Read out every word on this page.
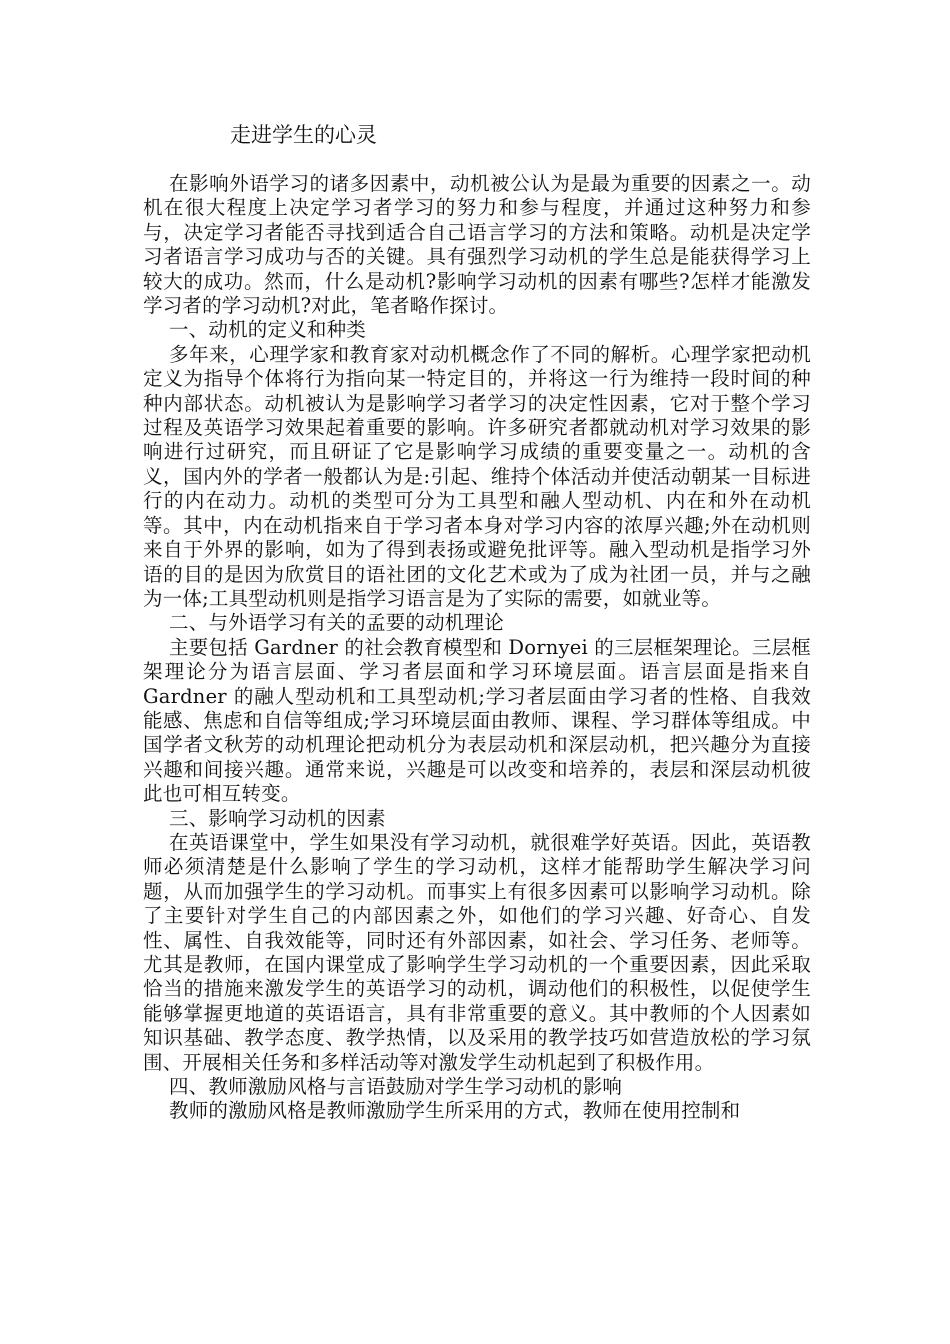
走进学生的心灵

在影响外语学习的诸多因素中，动机被公认为是最为重要的因素之一。动机在很大程度上决定学习者学习的努力和参与程度，并通过这种努力和参与，决定学习者能否寻找到适合自己语言学习的方法和策略。动机是决定学习者语言学习成功与否的关键。具有强烈学习动机的学生总是能获得学习上较大的成功。然而，什么是动机?影响学习动机的因素有哪些?怎样才能激发学习者的学习动机?对此，笔者略作探讨。

一、动机的定义和种类

多年来，心理学家和教育家对动机概念作了不同的解析。心理学家把动机定义为指导个体将行为指向某一特定目的，并将这一行为维持一段时间的种种内部状态。动机被认为是影响学习者学习的决定性因素，它对于整个学习过程及英语学习效果起着重要的影响。许多研究者都就动机对学习效果的影响进行过研究，而且研证了它是影响学习成绩的重要变量之一。动机的含义，国内外的学者一般都认为是:引起、维持个体活动并使活动朝某一目标进行的内在动力。动机的类型可分为工具型和融人型动机、内在和外在动机等。其中，内在动机指来自于学习者本身对学习内容的浓厚兴趣;外在动机则来自于外界的影响，如为了得到表扬或避免批评等。融入型动机是指学习外语的目的是因为欣赏目的语社团的文化艺术或为了成为社团一员，并与之融为一体;工具型动机则是指学习语言是为了实际的需要，如就业等。

二、与外语学习有关的孟要的动机理论

主要包括 Gardner 的社会教育模型和 Dornyei 的三层框架理论。三层框架理论分为语言层面、学习者层面和学习环境层面。语言层面是指来自 Gardner 的融人型动机和工具型动机;学习者层面由学习者的性格、自我效能感、焦虑和自信等组成;学习环境层面由教师、课程、学习群体等组成。中国学者文秋芳的动机理论把动机分为表层动机和深层动机，把兴趣分为直接兴趣和间接兴趣。通常来说，兴趣是可以改变和培养的，表层和深层动机彼此也可相互转变。

三、影响学习动机的因素

在英语课堂中，学生如果没有学习动机，就很难学好英语。因此，英语教师必须清楚是什么影响了学生的学习动机，这样才能帮助学生解决学习问题，从而加强学生的学习动机。而事实上有很多因素可以影响学习动机。除了主要针对学生自己的内部因素之外，如他们的学习兴趣、好奇心、自发性、属性、自我效能等，同时还有外部因素，如社会、学习任务、老师等。尤其是教师，在国内课堂成了影响学生学习动机的一个重要因素，因此采取恰当的措施来激发学生的英语学习的动机，调动他们的积极性，以促使学生能够掌握更地道的英语语言，具有非常重要的意义。其中教师的个人因素如知识基础、教学态度、教学热情，以及采用的教学技巧如营造放松的学习氛围、开展相关任务和多样活动等对激发学生动机起到了积极作用。

四、教师激励风格与言语鼓励对学生学习动机的影响

教师的激励风格是教师激励学生所采用的方式，教师在使用控制和
